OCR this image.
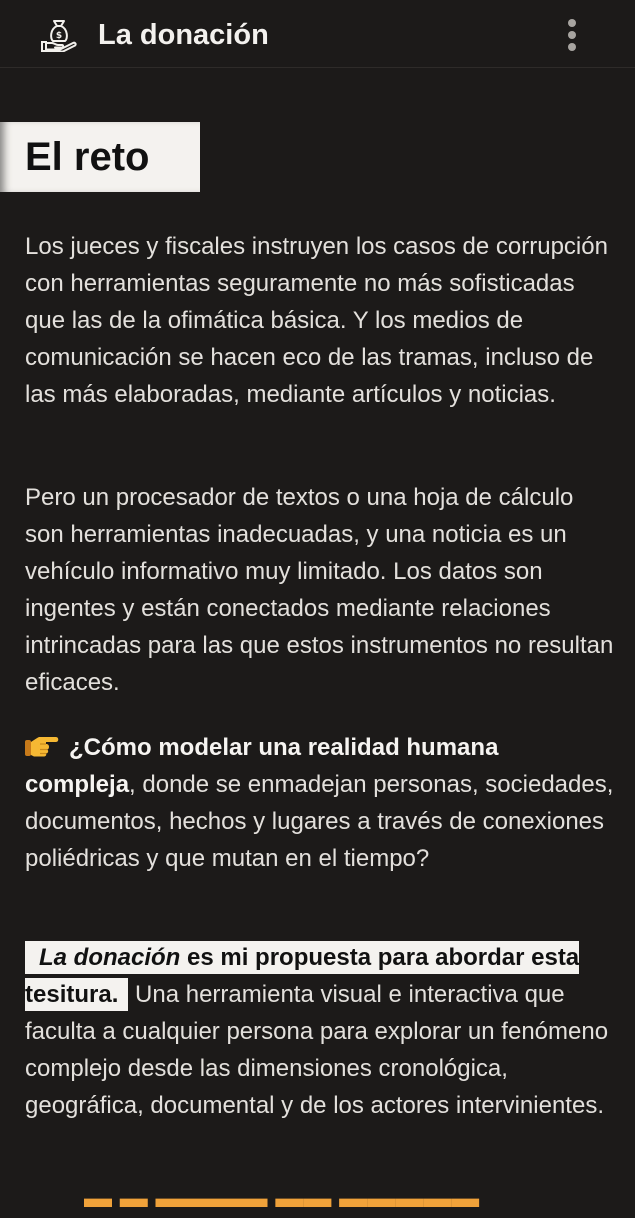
$ La donación
El reto

Los jueces y fiscales instruyen los casos de corrupción con herramientas seguramente no más sofisticadas que las de la ofimática básica. Y los medios de comunicación se hacen eco de las tramas, incluso de las más elaboradas, mediante artículos y noticias.

Pero un procesador de textos o una hoja de cálculo son herramientas inadecuadas, y una noticia es un vehículo informativo muy limitado. Los datos son ingentes y están conectados mediante relaciones intrincadas para las que estos instrumentos no resultan eficaces.

¿Cómo modelar una realidad humana compleja, donde se enmadejan personas, sociedades, documentos, hechos y lugares a través de conexiones poliédricas y que mutan en el tiempo?

La donación es mi propuesta para abordar esta tesitura. Una herramienta visual e interactiva que faculta a cualquier persona para explorar un fenómeno complejo desde las dimensiones cronológica, geográfica, documental y de los actores intervinientes.

▬ ▬ ▬▬▬▬ ▬▬ ▬▬▬▬▬
